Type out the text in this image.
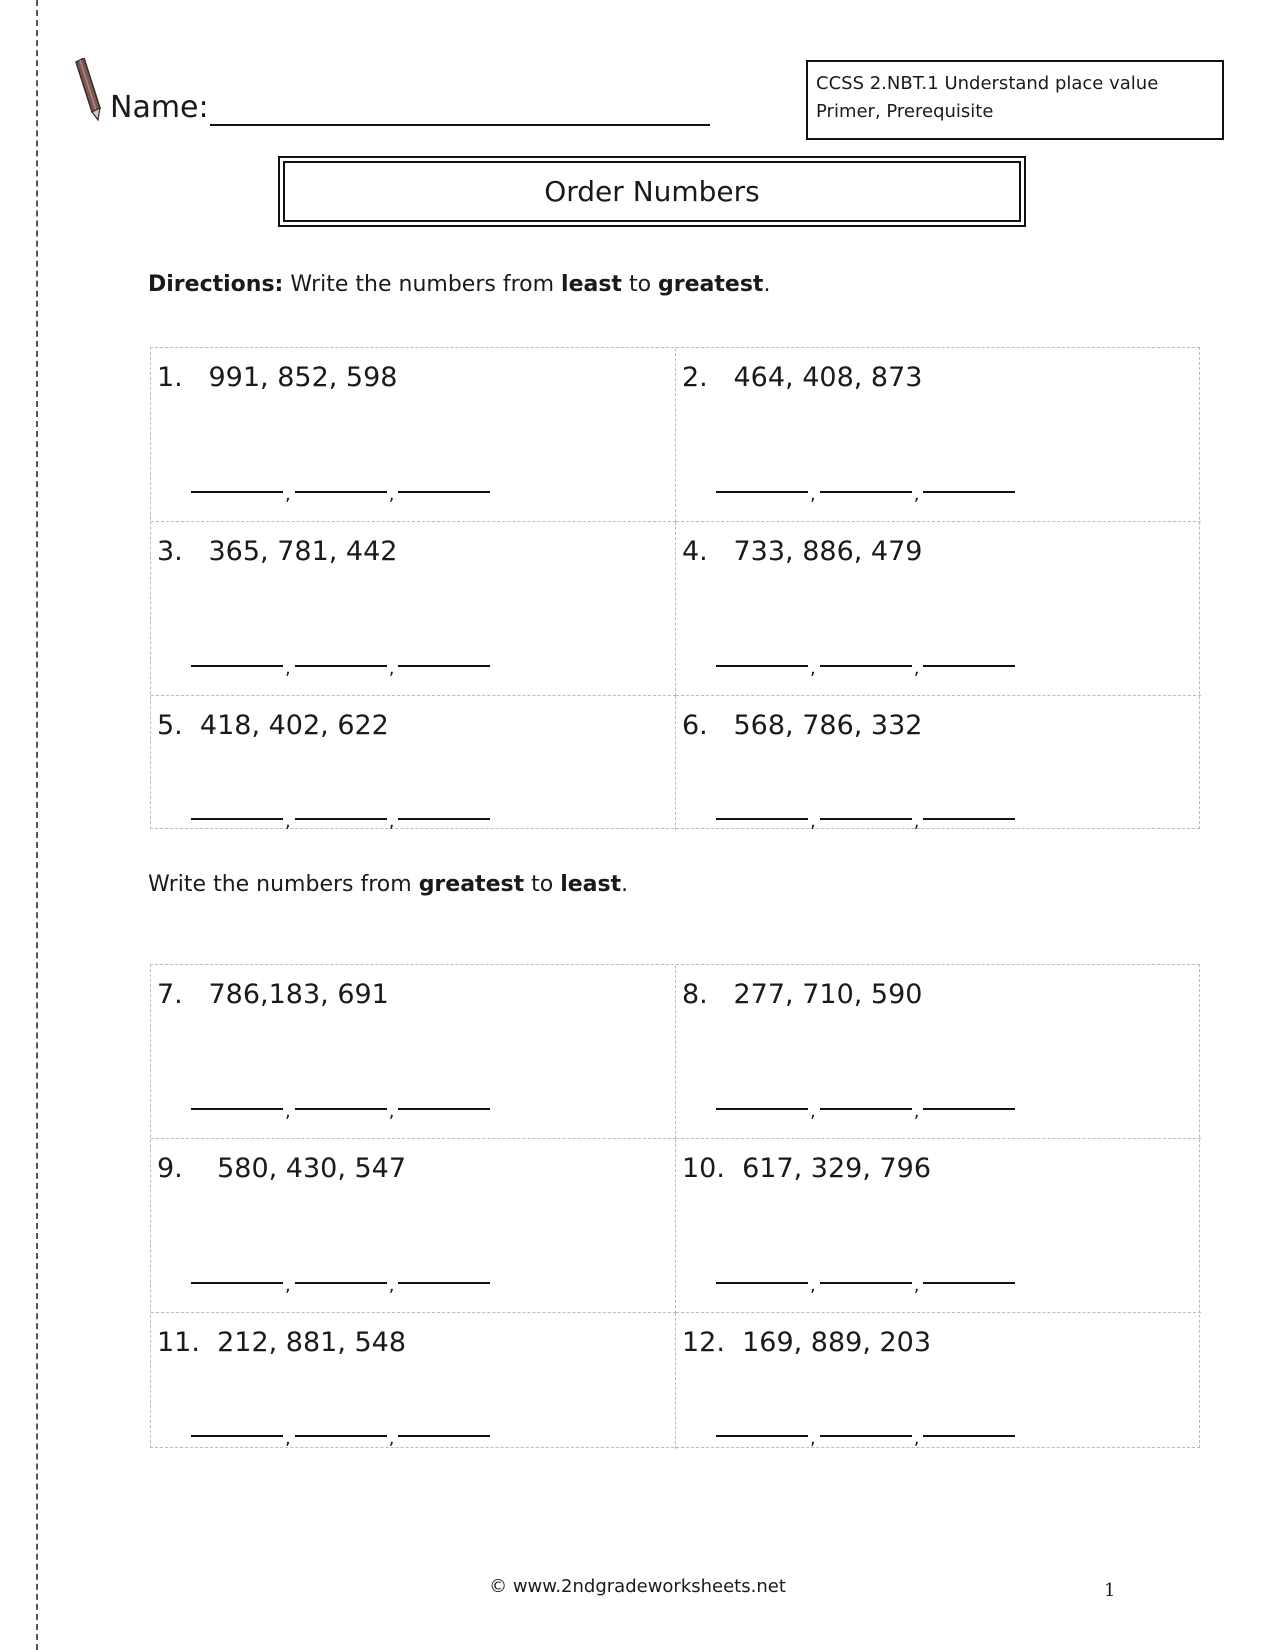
Name:
CCSS 2.NBT.1 Understand place value
Primer, Prerequisite
Order Numbers
Directions: Write the numbers from least to greatest.
1.   991, 852, 598
,	,
2.   464, 408, 873
,	,
3.   365, 781, 442
,	,
4.   733, 886, 479
,	,
5.  418, 402, 622
,	,
6.   568, 786, 332
,	,
Write the numbers from greatest to least.
7.   786,183, 691
,	,
8.   277, 710, 590
,	,
9.    580, 430, 547
,	,
10.  617, 329, 796
,	,
11.  212, 881, 548
,	,
12.  169, 889, 203
,	,
© www.2ndgradeworksheets.net	1
